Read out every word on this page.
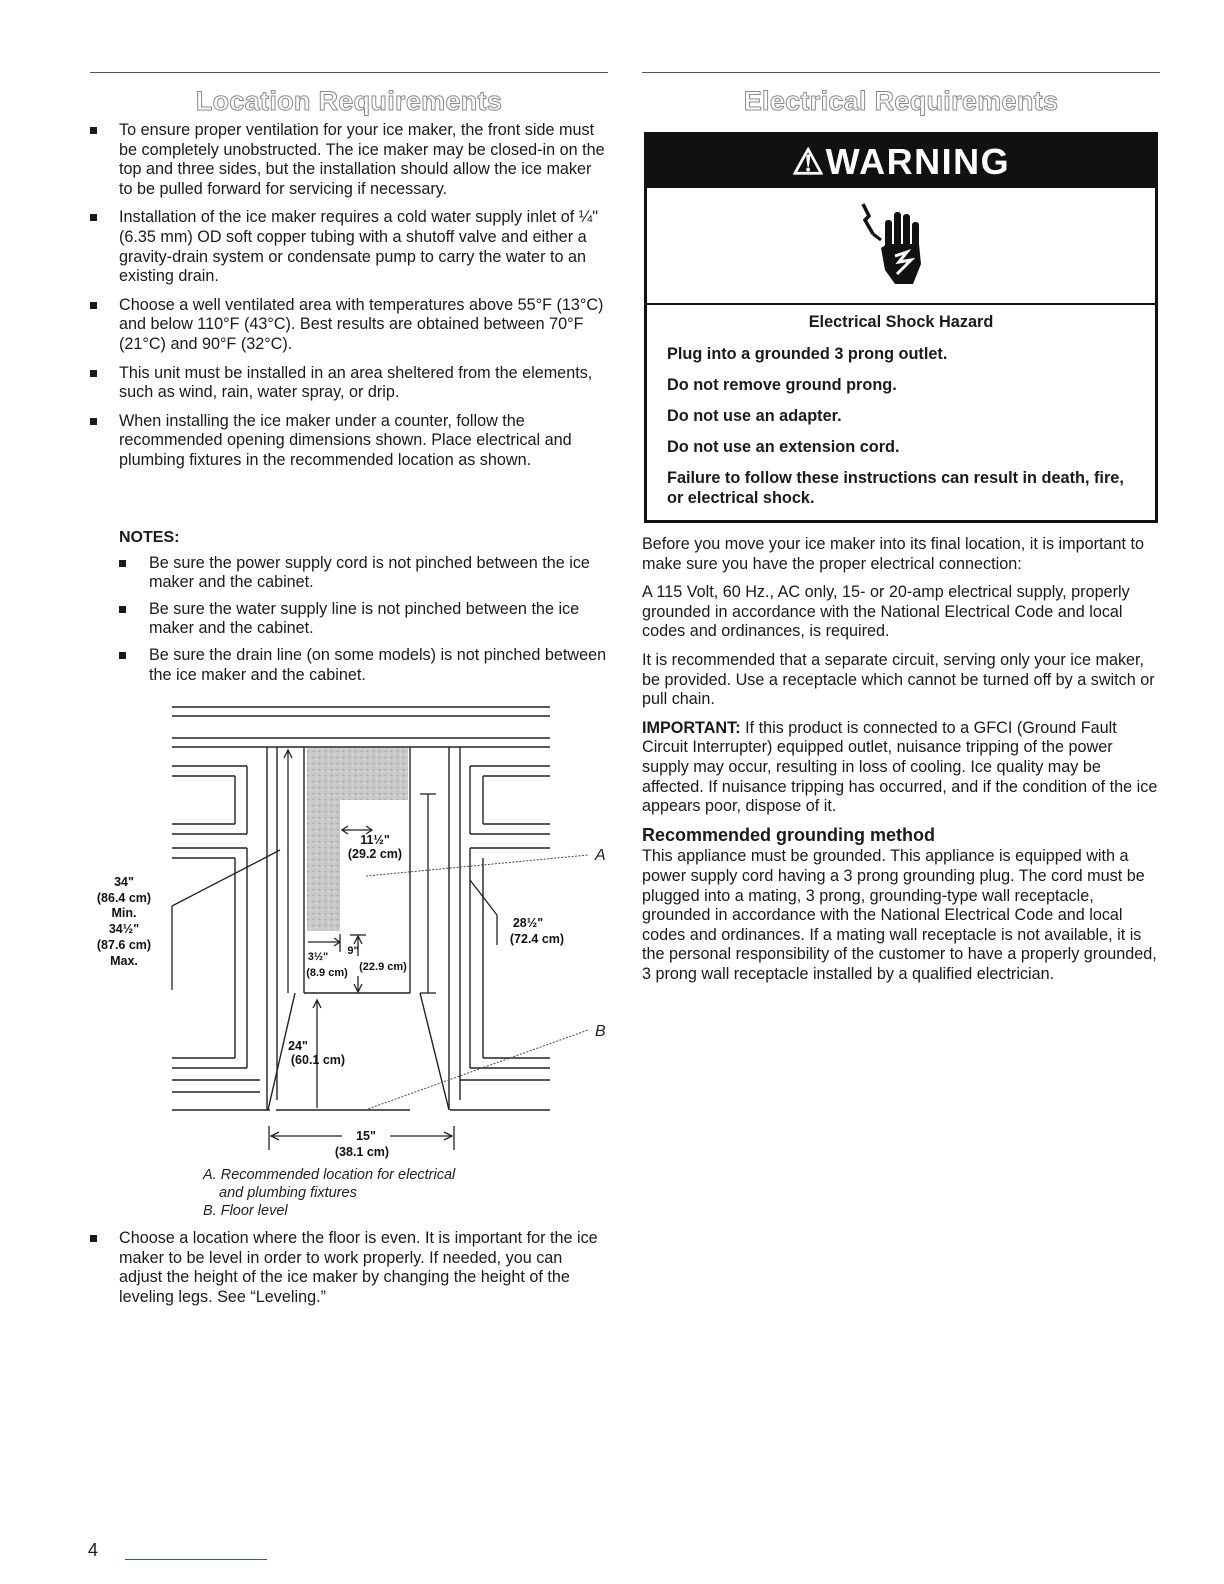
Location Requirements
To ensure proper ventilation for your ice maker, the front side must be completely unobstructed. The ice maker may be closed-in on the top and three sides, but the installation should allow the ice maker to be pulled forward for servicing if necessary.
Installation of the ice maker requires a cold water supply inlet of ¼" (6.35 mm) OD soft copper tubing with a shutoff valve and either a gravity-drain system or condensate pump to carry the water to an existing drain.
Choose a well ventilated area with temperatures above 55°F (13°C) and below 110°F (43°C). Best results are obtained between 70°F (21°C) and 90°F (32°C).
This unit must be installed in an area sheltered from the elements, such as wind, rain, water spray, or drip.
When installing the ice maker under a counter, follow the recommended opening dimensions shown. Place electrical and plumbing fixtures in the recommended location as shown.
NOTES:
Be sure the power supply cord is not pinched between the ice maker and the cabinet.
Be sure the water supply line is not pinched between the ice maker and the cabinet.
Be sure the drain line (on some models) is not pinched between the ice maker and the cabinet.
34"
(86.4 cm)
Min.
34½"
(87.6 cm)
Max.
11½"
(29.2 cm)
28½"
(72.4 cm)
3½"
(8.9 cm)
9"
(22.9 cm)
24"
(60.1 cm)
15"
(38.1 cm)
A
B
A. Recommended location for electrical
and plumbing fixtures
B. Floor level
Choose a location where the floor is even. It is important for the ice maker to be level in order to work properly. If needed, you can adjust the height of the ice maker by changing the height of the leveling legs. See “Leveling.”
Electrical Requirements
⚠WARNING
Electrical Shock Hazard

Plug into a grounded 3 prong outlet.

Do not remove ground prong.

Do not use an adapter.

Do not use an extension cord.

Failure to follow these instructions can result in death, fire, or electrical shock.

Before you move your ice maker into its final location, it is important to make sure you have the proper electrical connection:

A 115 Volt, 60 Hz., AC only, 15- or 20-amp electrical supply, properly grounded in accordance with the National Electrical Code and local codes and ordinances, is required.

It is recommended that a separate circuit, serving only your ice maker, be provided. Use a receptacle which cannot be turned off by a switch or pull chain.

IMPORTANT: If this product is connected to a GFCI (Ground Fault Circuit Interrupter) equipped outlet, nuisance tripping of the power supply may occur, resulting in loss of cooling. Ice quality may be affected. If nuisance tripping has occurred, and if the condition of the ice appears poor, dispose of it.

Recommended grounding method

This appliance must be grounded. This appliance is equipped with a power supply cord having a 3 prong grounding plug. The cord must be plugged into a mating, 3 prong, grounding-type wall receptacle, grounded in accordance with the National Electrical Code and local codes and ordinances. If a mating wall receptacle is not available, it is the personal responsibility of the customer to have a properly grounded, 3 prong wall receptacle installed by a qualified electrician.

4
